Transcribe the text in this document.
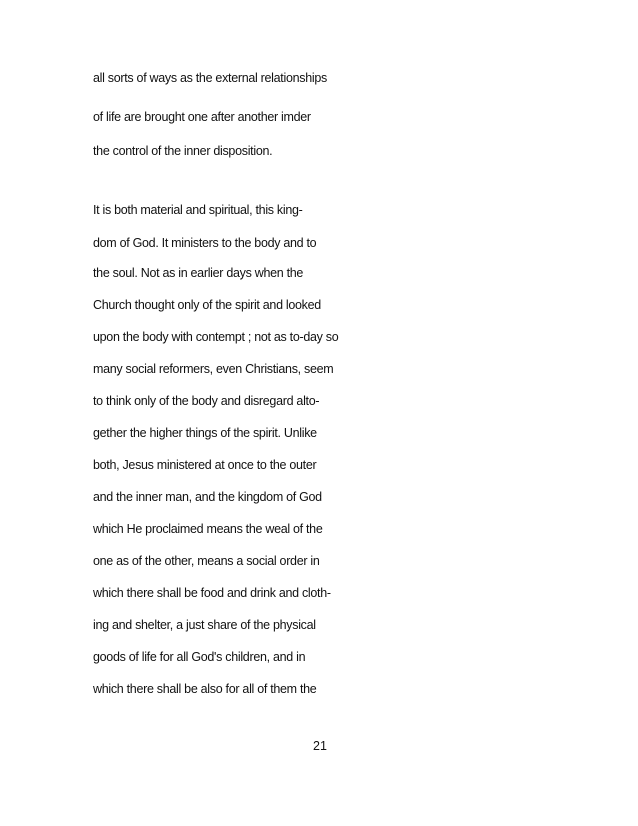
all sorts of ways as the external relationships

of life are brought one after another imder

the control of the inner disposition.

It is both material and spiritual, this king-

dom of God. It ministers to the body and to

the soul. Not as in earlier days when the

Church thought only of the spirit and looked

upon the body with contempt ; not as to-day so

many social reformers, even Christians, seem

to think only of the body and disregard alto-

gether the higher things of the spirit. Unlike

both, Jesus ministered at once to the outer

and the inner man, and the kingdom of God

which He proclaimed means the weal of the

one as of the other, means a social order in

which there shall be food and drink and cloth-

ing and shelter, a just share of the physical

goods of life for all God's children, and in

which there shall be also for all of them the

21
